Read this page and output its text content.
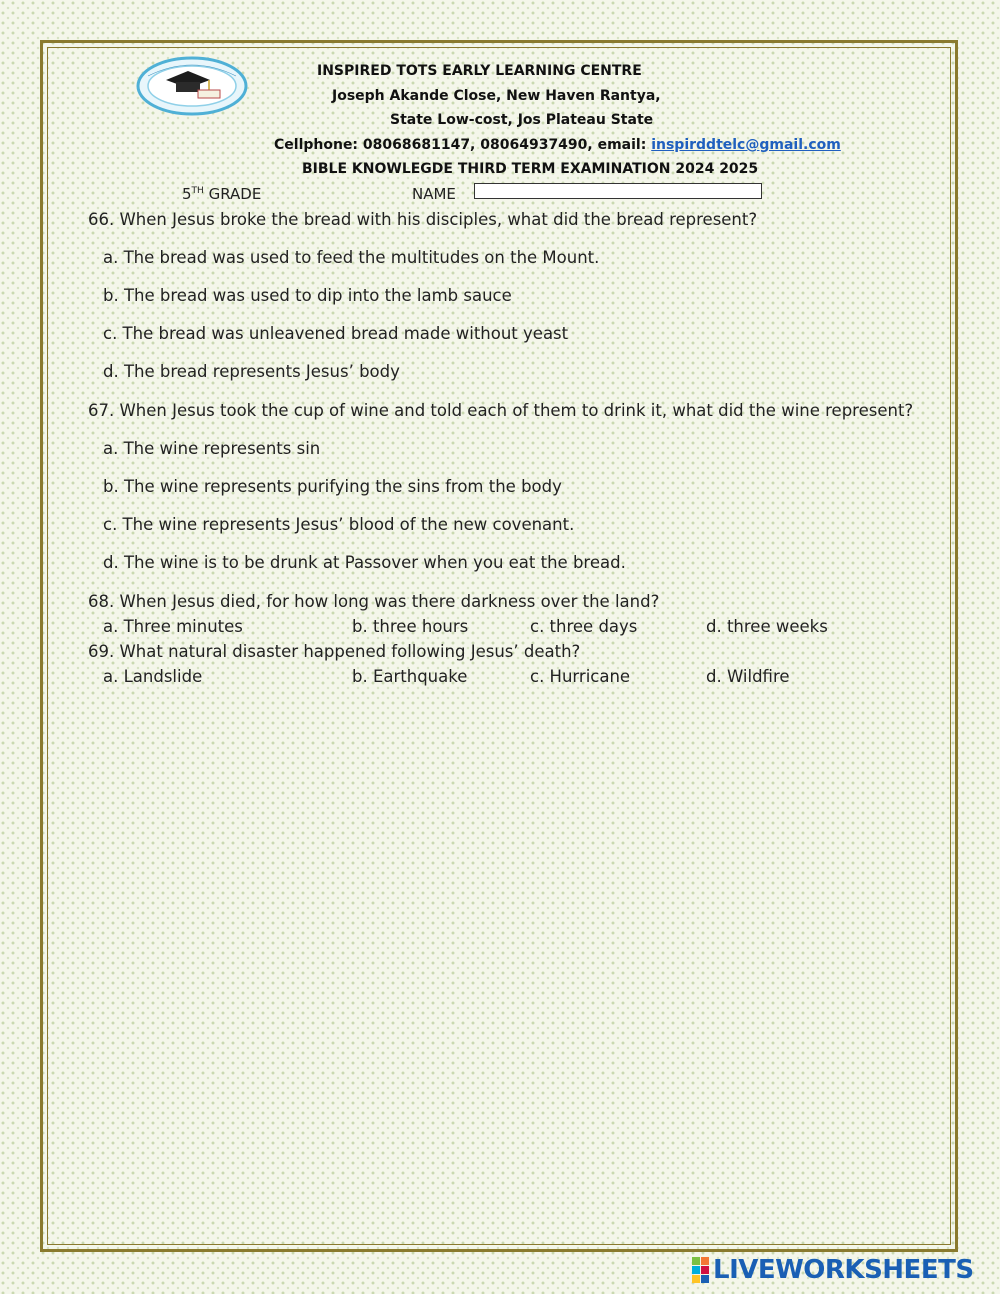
INSPIRED TOTS EARLY LEARNING CENTRE
Joseph Akande Close, New Haven Rantya,
State Low-cost, Jos Plateau State
Cellphone: 08068681147, 08064937490, email: inspirddtelc@gmail.com
BIBLE KNOWLEGDE THIRD TERM EXAMINATION 2024 2025
5TH GRADE	NAME
66. When Jesus broke the bread with his disciples, what did the bread represent?
a. The bread was used to feed the multitudes on the Mount.
b. The bread was used to dip into the lamb sauce
c. The bread was unleavened bread made without yeast
d. The bread represents Jesus’ body
67. When Jesus took the cup of wine and told each of them to drink it, what did the wine represent?
a. The wine represents sin
b. The wine represents purifying the sins from the body
c. The wine represents Jesus’ blood of the new covenant.
d. The wine is to be drunk at Passover when you eat the bread.
68. When Jesus died, for how long was there darkness over the land?
a. Three minutes	b. three hours	c. three days	d. three weeks
69. What natural disaster happened following Jesus’ death?
a. Landslide	b. Earthquake	c. Hurricane	d. Wildfire
LIVEWORKSHEETS
